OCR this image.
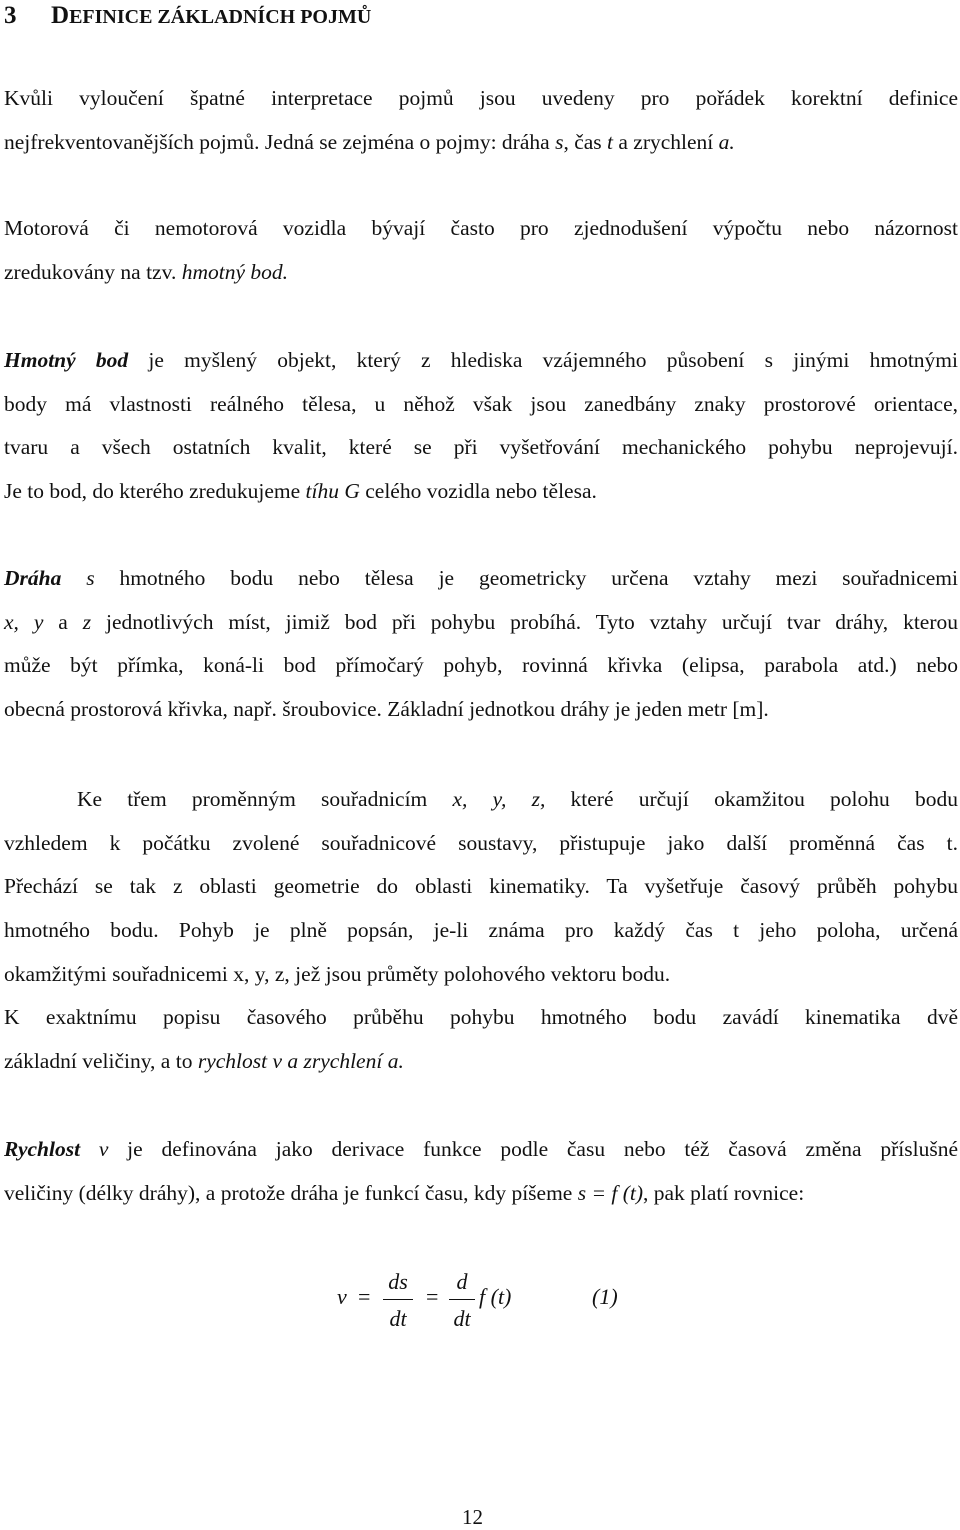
3 DEFINICE ZÁKLADNÍCH POJMŮ
Kvůli vyloučení špatné interpretace pojmů jsou uvedeny pro pořádek korektní definice
nejfrekventovanějších pojmů. Jedná se zejména o pojmy: dráha s, čas t a zrychlení a.
Motorová či nemotorová vozidla bývají často pro zjednodušení výpočtu nebo názornost
zredukovány na tzv. hmotný bod.
Hmotný bod je myšlený objekt, který z hlediska vzájemného působení s jinými hmotnými
body má vlastnosti reálného tělesa, u něhož však jsou zanedbány znaky prostorové orientace,
tvaru a všech ostatních kvalit, které se při vyšetřování mechanického pohybu neprojevují.
Je to bod, do kterého zredukujeme tíhu G celého vozidla nebo tělesa.
Dráha s hmotného bodu nebo tělesa je geometricky určena vztahy mezi souřadnicemi
x, y a z jednotlivých míst, jimiž bod při pohybu probíhá. Tyto vztahy určují tvar dráhy, kterou
může být přímka, koná-li bod přímočarý pohyb, rovinná křivka (elipsa, parabola atd.) nebo
obecná prostorová křivka, např. šroubovice. Základní jednotkou dráhy je jeden metr [m].
Ke třem proměnným souřadnicím x, y, z, které určují okamžitou polohu bodu
vzhledem k počátku zvolené souřadnicové soustavy, přistupuje jako další proměnná čas t.
Přechází se tak z oblasti geometrie do oblasti kinematiky. Ta vyšetřuje časový průběh pohybu
hmotného bodu. Pohyb je plně popsán, je-li známa pro každý čas t jeho poloha, určená
okamžitými souřadnicemi x, y, z, jež jsou průměty polohového vektoru bodu.
K exaktnímu popisu časového průběhu pohybu hmotného bodu zavádí kinematika dvě
základní veličiny, a to rychlost v a zrychlení a.
Rychlost v je definována jako derivace funkce podle času nebo též časová změna příslušné
veličiny (délky dráhy), a protože dráha je funkcí času, kdy píšeme s = f (t), pak platí rovnice:
v =
ds
dt
=
d
dt
f (t)	(1)
12
